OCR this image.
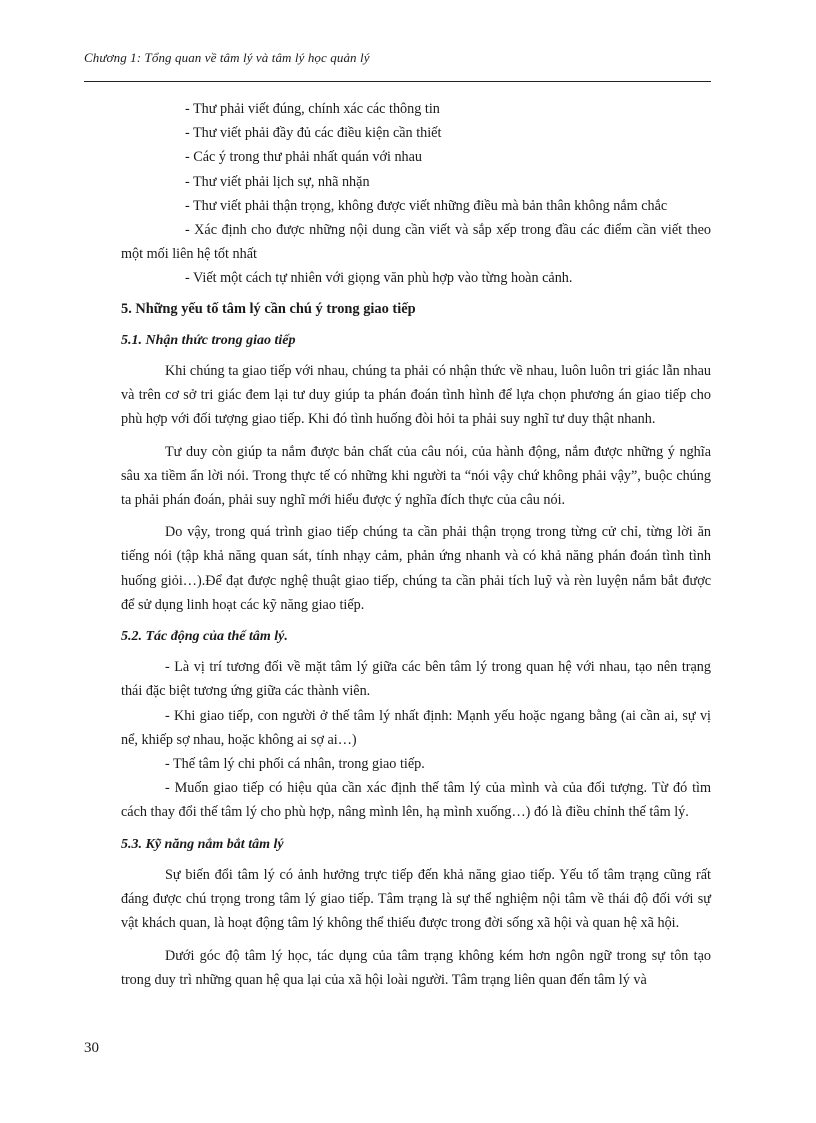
Chương 1: Tổng quan về tâm lý và tâm lý học quản lý

- Thư phải viết đúng, chính xác các thông tin

- Thư viết phải đầy đủ các điều kiện cần thiết

- Các ý trong thư phải nhất quán với nhau

- Thư viết phải lịch sự, nhã nhặn

- Thư viết phải thận trọng, không được viết những điều mà bản thân không nắm chắc

- Xác định cho được những nội dung cần viết và sắp xếp trong đầu các điểm cần viết theo một mối liên hệ tốt nhất

- Viết một cách tự nhiên với giọng văn phù hợp vào từng hoàn cảnh.

5. Những yếu tố tâm lý cần chú ý trong giao tiếp

5.1. Nhận thức trong giao tiếp

Khi chúng ta giao tiếp với nhau, chúng ta phải có nhận thức về nhau, luôn luôn tri giác lẫn nhau và trên cơ sở tri giác đem lại tư duy giúp ta phán đoán tình hình để lựa chọn phương án giao tiếp cho phù hợp với đối tượng giao tiếp. Khi đó tình huống đòi hỏi ta phải suy nghĩ tư duy thật nhanh.

Tư duy còn giúp ta nắm được bản chất của câu nói, của hành động, nắm được những ý nghĩa sâu xa tiềm ẩn lời nói. Trong thực tế có những khi người ta “nói vậy chứ không phải vậy”, buộc chúng ta phải phán đoán, phải suy nghĩ mới hiểu được ý nghĩa đích thực của câu nói.

Do vậy, trong quá trình giao tiếp chúng ta cần phải thận trọng trong từng cử chỉ, từng lời ăn tiếng nói (tập khả năng quan sát, tính nhạy cảm, phản ứng nhanh và có khả năng phán đoán tình tình huống giỏi…).Để đạt được nghệ thuật giao tiếp, chúng ta cần phải tích luỹ và rèn luyện nắm bắt được để sử dụng linh hoạt các kỹ năng giao tiếp.

5.2. Tác động của thế tâm lý.

- Là vị trí tương đối về mặt tâm lý giữa các bên tâm lý trong quan hệ với nhau, tạo nên trạng thái đặc biệt tương ứng giữa các thành viên.

- Khi giao tiếp, con người ở thế tâm lý nhất định: Mạnh yếu hoặc ngang bằng (ai cần ai, sự vị nể, khiếp sợ nhau, hoặc không ai sợ ai…)

- Thế tâm lý chi phối cá nhân, trong giao tiếp.

- Muốn giao tiếp có hiệu qủa cần xác định thế tâm lý của mình và của đối tượng. Từ đó tìm cách thay đổi thế tâm lý cho phù hợp, nâng mình lên, hạ mình xuống…) đó là điều chỉnh thế tâm lý.

5.3. Kỹ năng nắm bắt tâm lý

Sự biến đổi tâm lý có ảnh hưởng trực tiếp đến khả năng giao tiếp. Yếu tố tâm trạng cũng rất đáng được chú trọng trong tâm lý giao tiếp. Tâm trạng là sự thể nghiệm nội tâm về thái độ đối với sự vật khách quan, là hoạt động tâm lý không thể thiếu được trong đời sống xã hội và quan hệ xã hội.

Dưới góc độ tâm lý học, tác dụng của tâm trạng không kém hơn ngôn ngữ trong sự tôn tạo trong duy trì những quan hệ qua lại của xã hội loài người. Tâm trạng liên quan đến tâm lý và

30
